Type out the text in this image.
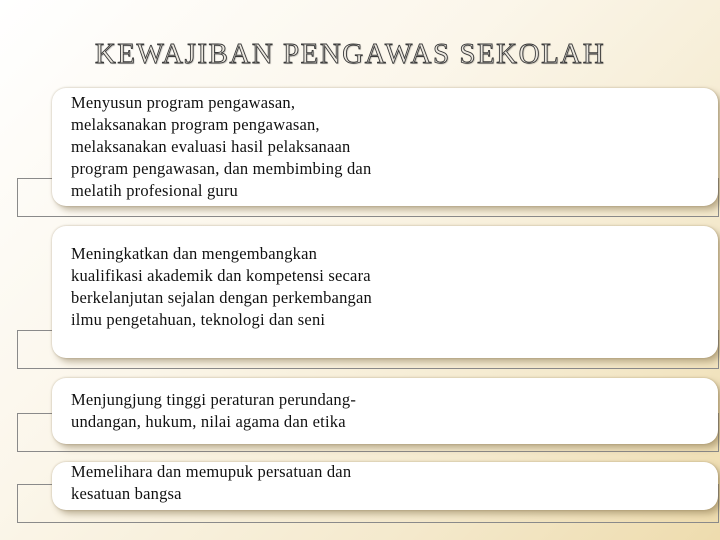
KEWAJIBAN PENGAWAS SEKOLAH
Menyusun program pengawasan,
melaksanakan program pengawasan,
melaksanakan evaluasi hasil pelaksanaan
program pengawasan, dan membimbing dan
melatih profesional guru
Meningkatkan dan mengembangkan
kualifikasi akademik dan kompetensi secara
berkelanjutan sejalan dengan perkembangan
ilmu pengetahuan, teknologi dan seni
Menjungjung tinggi peraturan perundang-
undangan, hukum, nilai agama dan etika
Memelihara dan memupuk persatuan dan
kesatuan bangsa
